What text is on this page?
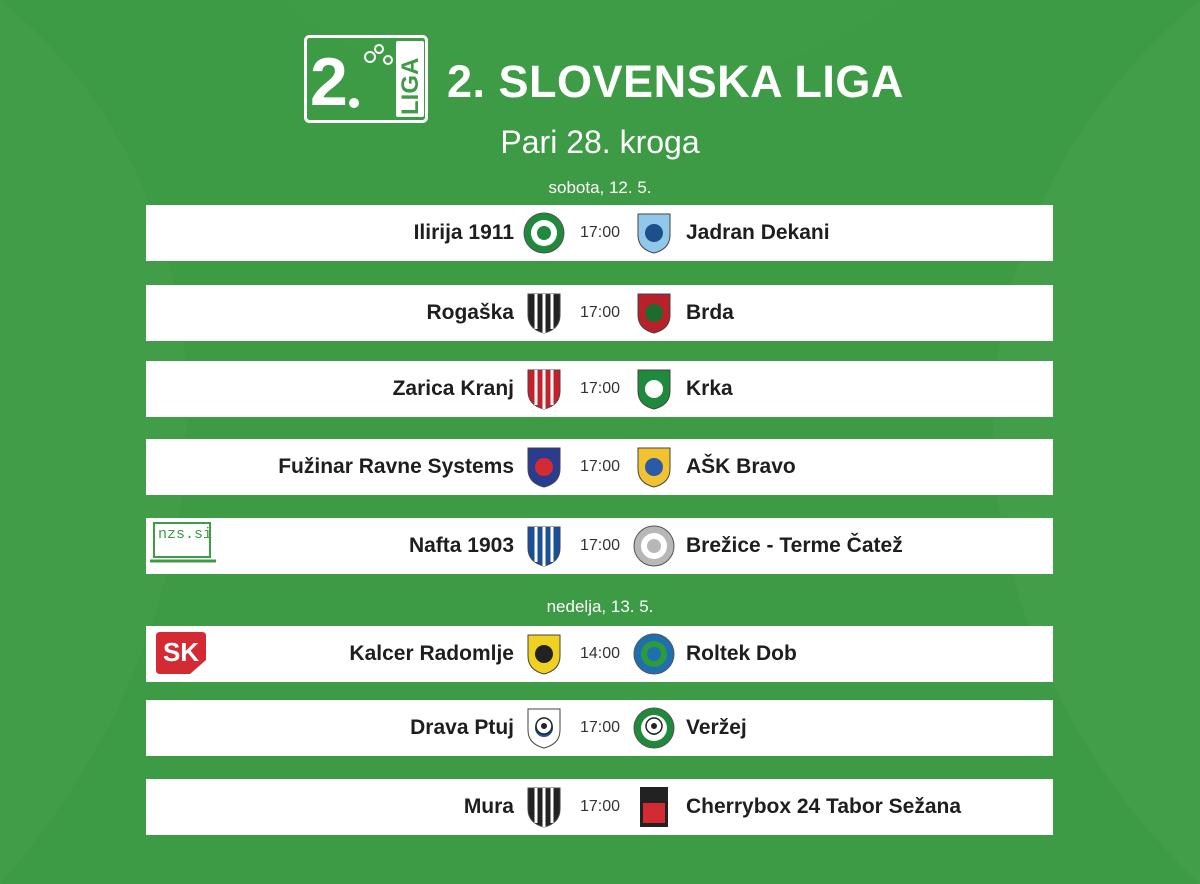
2 LIGA 2. SLOVENSKA LIGA
Pari 28. kroga
sobota, 12. 5.
nedelja, 13. 5.
Ilirija 1911	17:00	Jadran Dekani
Rogaška	17:00	Brda
Zarica Kranj	17:00	Krka
Fužinar Ravne Systems	17:00	AŠK Bravo
Nafta 1903	17:00	Brežice - Terme Čatež
Kalcer Radomlje	14:00	Roltek Dob
Drava Ptuj	17:00	Veržej
Mura	17:00	Cherrybox 24 Tabor Sežana
nzs.si
SK
